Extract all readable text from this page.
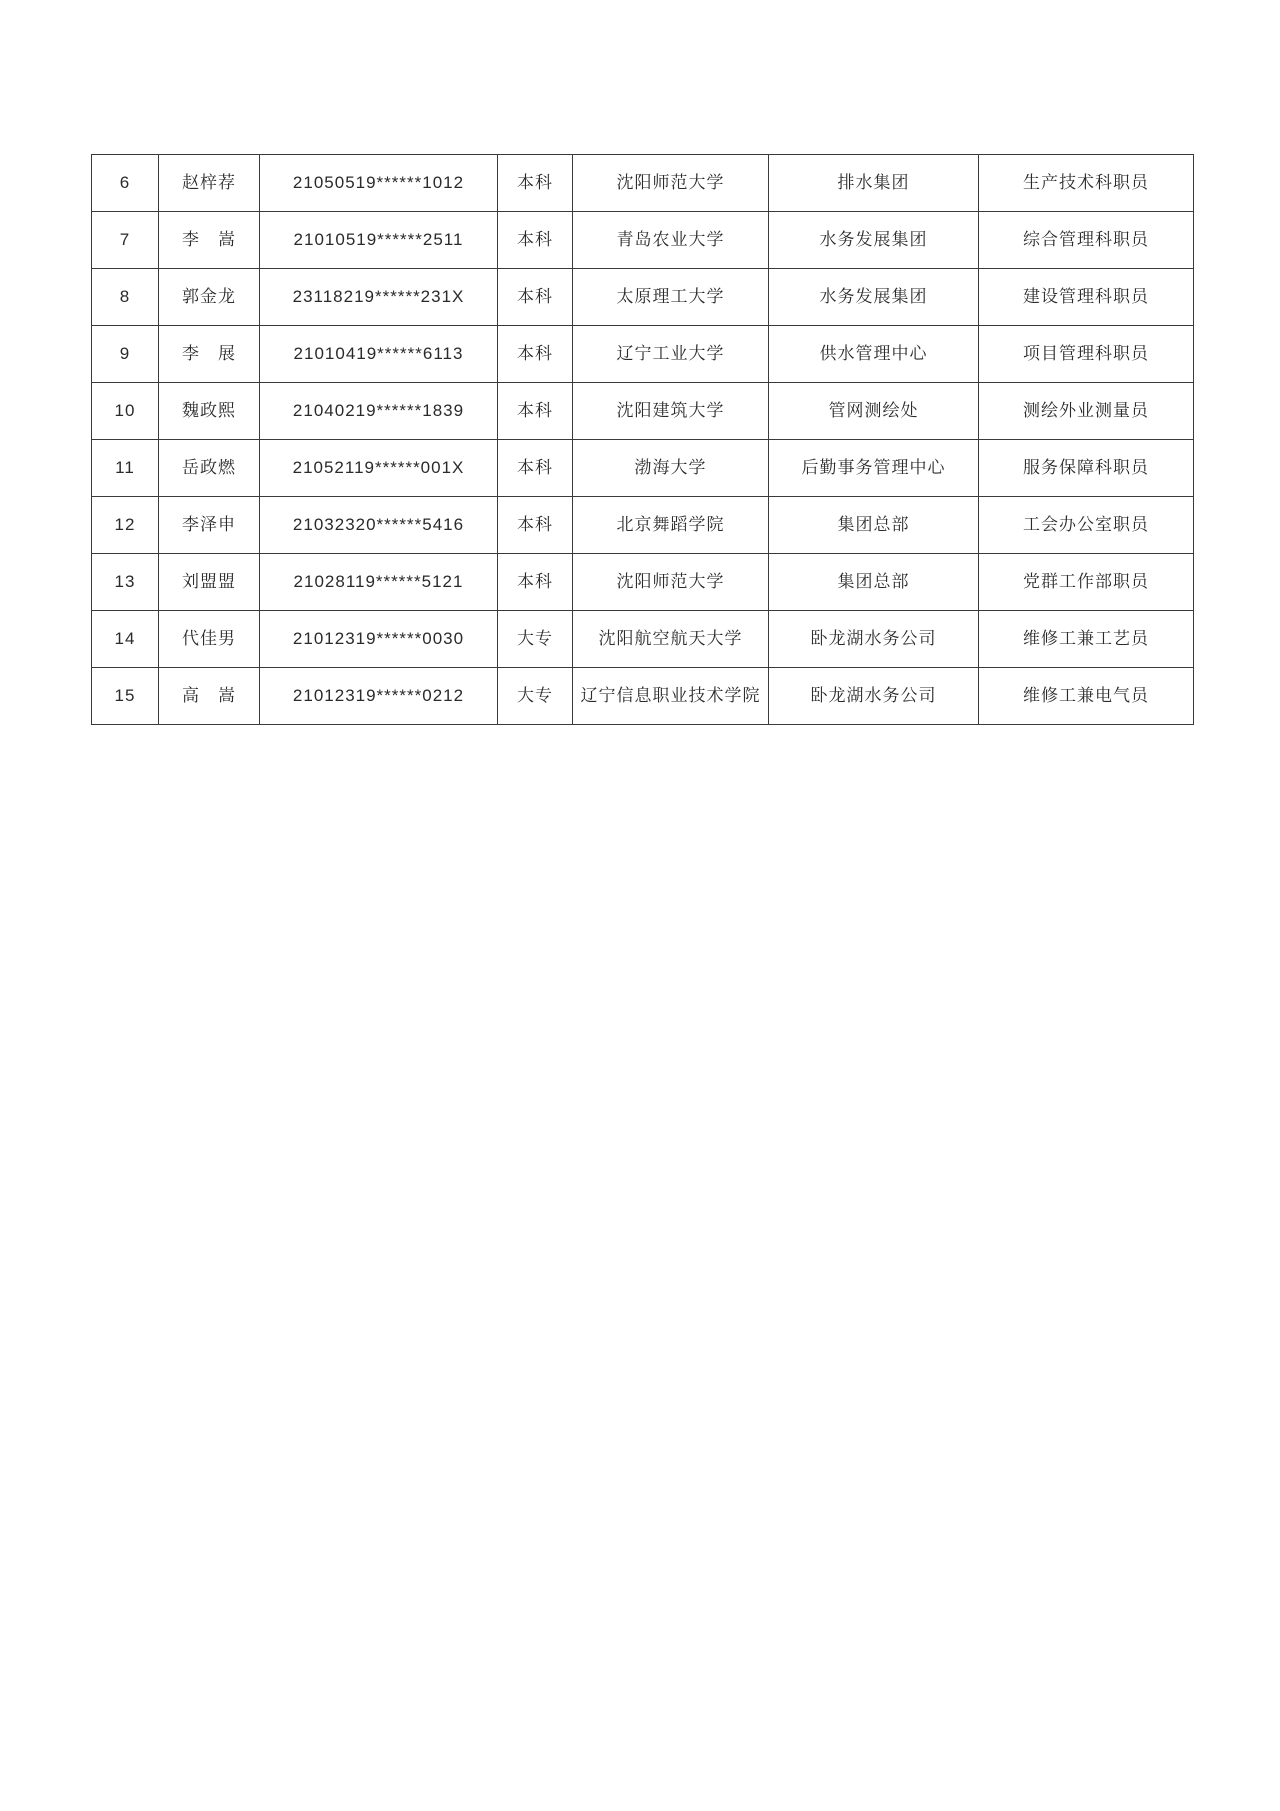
6	赵梓荐	21050519******1012	本科	沈阳师范大学	排水集团	生产技术科职员
7	李　嵩	21010519******2511	本科	青岛农业大学	水务发展集团	综合管理科职员
8	郭金龙	23118219******231X	本科	太原理工大学	水务发展集团	建设管理科职员
9	李　展	21010419******6113	本科	辽宁工业大学	供水管理中心	项目管理科职员
10	魏政熙	21040219******1839	本科	沈阳建筑大学	管网测绘处	测绘外业测量员
11	岳政燃	21052119******001X	本科	渤海大学	后勤事务管理中心	服务保障科职员
12	李泽申	21032320******5416	本科	北京舞蹈学院	集团总部	工会办公室职员
13	刘盟盟	21028119******5121	本科	沈阳师范大学	集团总部	党群工作部职员
14	代佳男	21012319******0030	大专	沈阳航空航天大学	卧龙湖水务公司	维修工兼工艺员
15	高　嵩	21012319******0212	大专	辽宁信息职业技术学院	卧龙湖水务公司	维修工兼电气员
